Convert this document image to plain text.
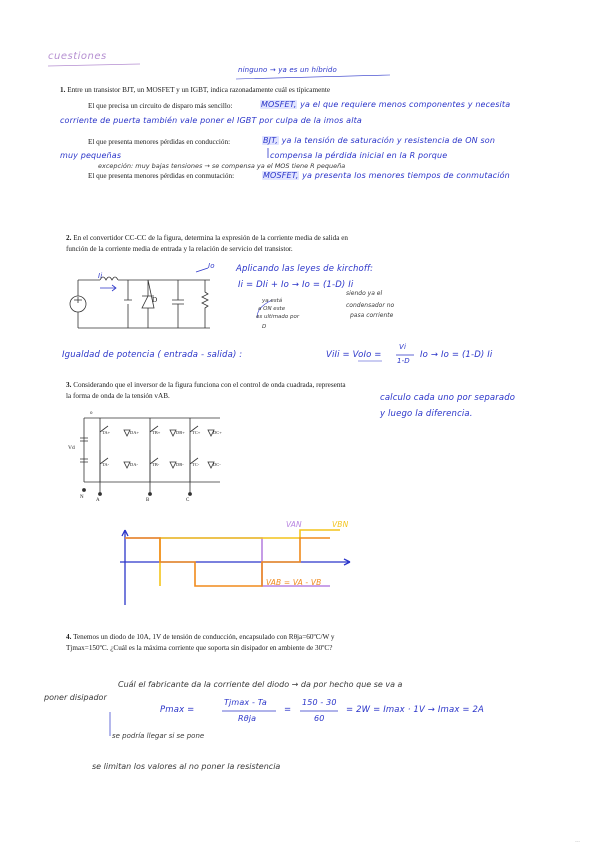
cuestiones
ninguno → ya es un híbrido
1. Entre un transistor BJT, un MOSFET y un IGBT, indica razonadamente cuál es típicamente
El que precisa un circuito de disparo más sencillo:	MOSFET, ya el que requiere menos componentes y necesita
corriente de puerta también vale poner el IGBT por culpa de la imos alta
El que presenta menores pérdidas en conducción:	BJT, ya la tensión de saturación y resistencia de ON son
muy pequeñas	compensa la pérdida inicial en la R porque
excepción: muy bajas tensiones → se compensa ya el MOS tiene R pequeña
El que presenta menores pérdidas en conmutación:	MOSFET, ya presenta los menores tiempos de conmutación
2. En el convertidor CC-CC de la figura, determina la expresión de la corriente media de salida en
función de la corriente media de entrada y la relación de servicio del transistor.
Ii
Io
D
Aplicando las leyes de kirchoff:
Ii = DIi + Io → Io = (1-D) Ii
siendo ya el
condensador no
pasa corriente
ya está
a ON este
es ultimado por
D
Igualdad de potencia ( entrada - salida) :	ViIi = VoIo =
Vi
1-D
Io → Io = (1-D) Ii
3. Considerando que el inversor de la figura funciona con el control de onda cuadrada, representa
la forma de onda de la tensión vAB.	calculo cada uno por separado
y luego la diferencia.
o
Vd
TA+	DA+	TB+	DB+ TC+	DC+
TA-	DA-	TB-	DB- TC-	DC-
A	B	C
N
VAN	VBN
VAB = VA - VB
4. Tenemos un diodo de 10A, 1V de tensión de conducción, encapsulado con Rθja=60ºC/W y
Tjmax=150ºC. ¿Cuál es la máxima corriente que soporta sin disipador en ambiente de 30ºC?
Cuál el fabricante da la corriente del diodo → da por hecho que se va a
poner disipador
Pmax =
Tjmax - Ta
Rθja
=
150 - 30
60
= 2W = Imax · 1V → Imax = 2A
se podría llegar si se pone
se limitan los valores al no poner la resistencia
---
